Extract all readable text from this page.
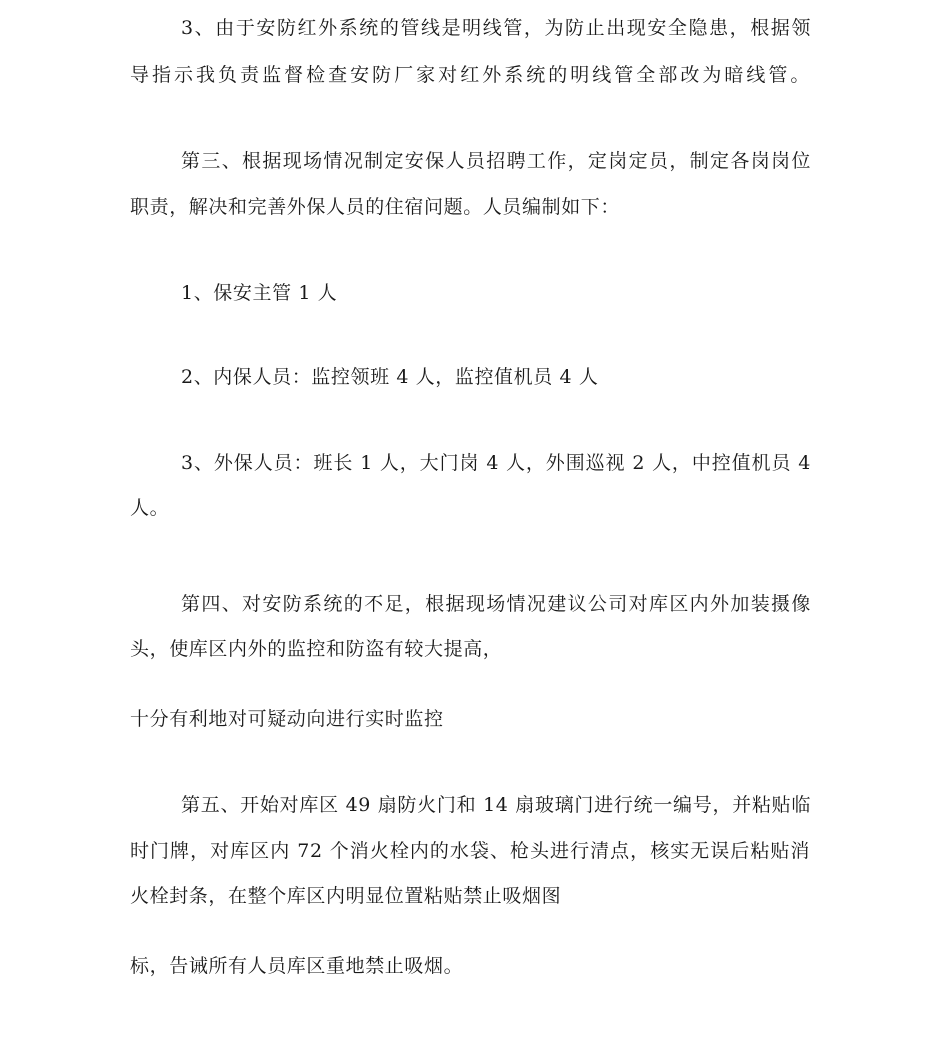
3、由于安防红外系统的管线是明线管，为防止出现安全隐患，根据领
导指示我负责监督检查安防厂家对红外系统的明线管全部改为暗线管。
第三、根据现场情况制定安保人员招聘工作，定岗定员，制定各岗岗位
职责，解决和完善外保人员的住宿问题。人员编制如下：
1、保安主管 1 人
2、内保人员：监控领班 4 人，监控值机员 4 人
3、外保人员：班长 1 人，大门岗 4 人，外围巡视 2 人，中控值机员 4
人。
第四、对安防系统的不足，根据现场情况建议公司对库区内外加装摄像
头，使库区内外的监控和防盗有较大提高，
十分有利地对可疑动向进行实时监控
第五、开始对库区 49 扇防火门和 14 扇玻璃门进行统一编号，并粘贴临
时门牌，对库区内 72 个消火栓内的水袋、枪头进行清点，核实无误后粘贴消
火栓封条，在整个库区内明显位置粘贴禁止吸烟图
标，告诫所有人员库区重地禁止吸烟。
